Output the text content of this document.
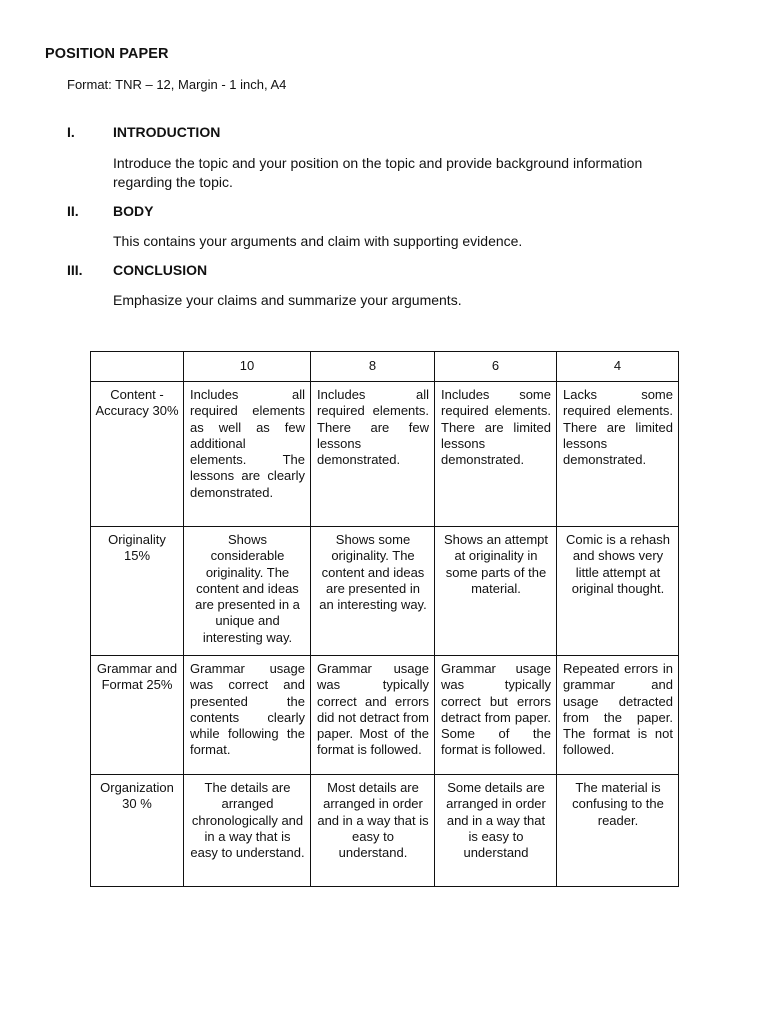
POSITION PAPER
Format: TNR – 12, Margin - 1 inch, A4
I.	INTRODUCTION
Introduce the topic and your position on the topic and provide background information regarding the topic.
II. BODY
This contains your arguments and claim with supporting evidence.
III. CONCLUSION
Emphasize your claims and summarize your arguments.
	10	8	6	4
Content - Accuracy 30%	Includes all required elements as well as few additional elements. The lessons are clearly demonstrated.	Includes all required elements. There are few lessons demonstrated.	Includes some required elements. There are limited lessons demonstrated.	Lacks some required elements. There are limited lessons demonstrated.
Originality 15%	Shows considerable originality. The content and ideas are presented in a unique and interesting way.	Shows some originality. The content and ideas are presented in an interesting way.	Shows an attempt at originality in some parts of the material.	Comic is a rehash and shows very little attempt at original thought.
Grammar and Format 25%	Grammar usage was correct and presented the contents clearly while following the format.	Grammar usage was typically correct and errors did not detract from paper. Most of the format is followed.	Grammar usage was typically correct but errors detract from paper. Some of the format is followed.	Repeated errors in grammar and usage detracted from the paper. The format is not followed.
Organization 30 %	The details are arranged chronologically and in a way that is easy to understand.	Most details are arranged in order and in a way that is easy to understand.	Some details are arranged in order and in a way that is easy to understand	The material is confusing to the reader.
